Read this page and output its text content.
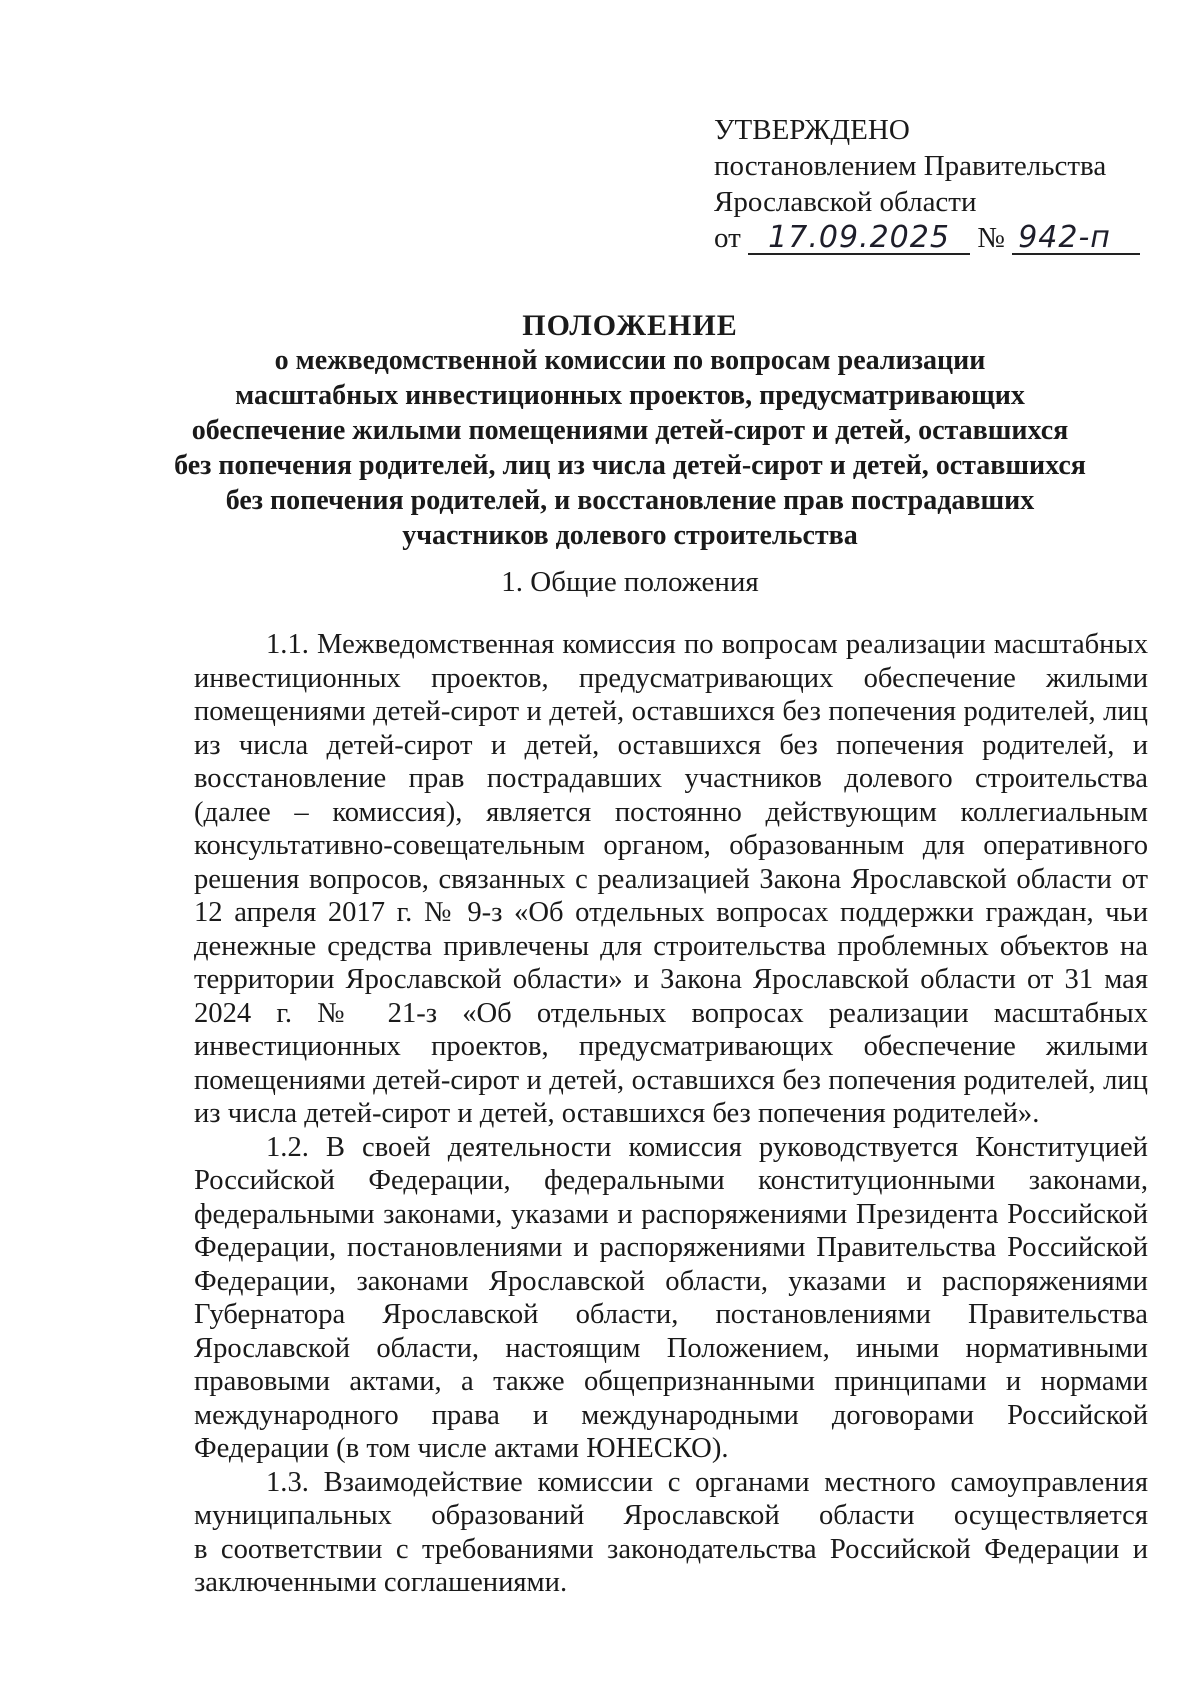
УТВЕРЖДЕНО
постановлением Правительства
Ярославской области
от 17.09.2025 № 942-п
ПОЛОЖЕНИЕ
о межведомственной комиссии по вопросам реализации
масштабных инвестиционных проектов, предусматривающих
обеспечение жилыми помещениями детей-сирот и детей, оставшихся
без попечения родителей, лиц из числа детей-сирот и детей, оставшихся
без попечения родителей, и восстановление прав пострадавших
участников долевого строительства
1. Общие положения
1.1. Межведомственная комиссия по вопросам реализации масштабных
инвестиционных проектов, предусматривающих обеспечение жилыми
помещениями детей-сирот и детей, оставшихся без попечения родителей, лиц
из числа детей-сирот и детей, оставшихся без попечения родителей, и
восстановление прав пострадавших участников долевого строительства
(далее – комиссия), является постоянно действующим коллегиальным
консультативно-совещательным органом, образованным для оперативного
решения вопросов, связанных с реализацией Закона Ярославской области от
12 апреля 2017 г. № 9-з «Об отдельных вопросах поддержки граждан, чьи
денежные средства привлечены для строительства проблемных объектов на
территории Ярославской области» и Закона Ярославской области от 31 мая
2024 г. № 21-з «Об отдельных вопросах реализации масштабных
инвестиционных проектов, предусматривающих обеспечение жилыми
помещениями детей-сирот и детей, оставшихся без попечения родителей, лиц
из числа детей-сирот и детей, оставшихся без попечения родителей».
1.2. В своей деятельности комиссия руководствуется Конституцией
Российской Федерации, федеральными конституционными законами,
федеральными законами, указами и распоряжениями Президента Российской
Федерации, постановлениями и распоряжениями Правительства Российской
Федерации, законами Ярославской области, указами и распоряжениями
Губернатора Ярославской области, постановлениями Правительства
Ярославской области, настоящим Положением, иными нормативными
правовыми актами, а также общепризнанными принципами и нормами
международного права и международными договорами Российской
Федерации (в том числе актами ЮНЕСКО).
1.3. Взаимодействие комиссии с органами местного самоуправления
муниципальных образований Ярославской области осуществляется
в соответствии с требованиями законодательства Российской Федерации и
заключенными соглашениями.
